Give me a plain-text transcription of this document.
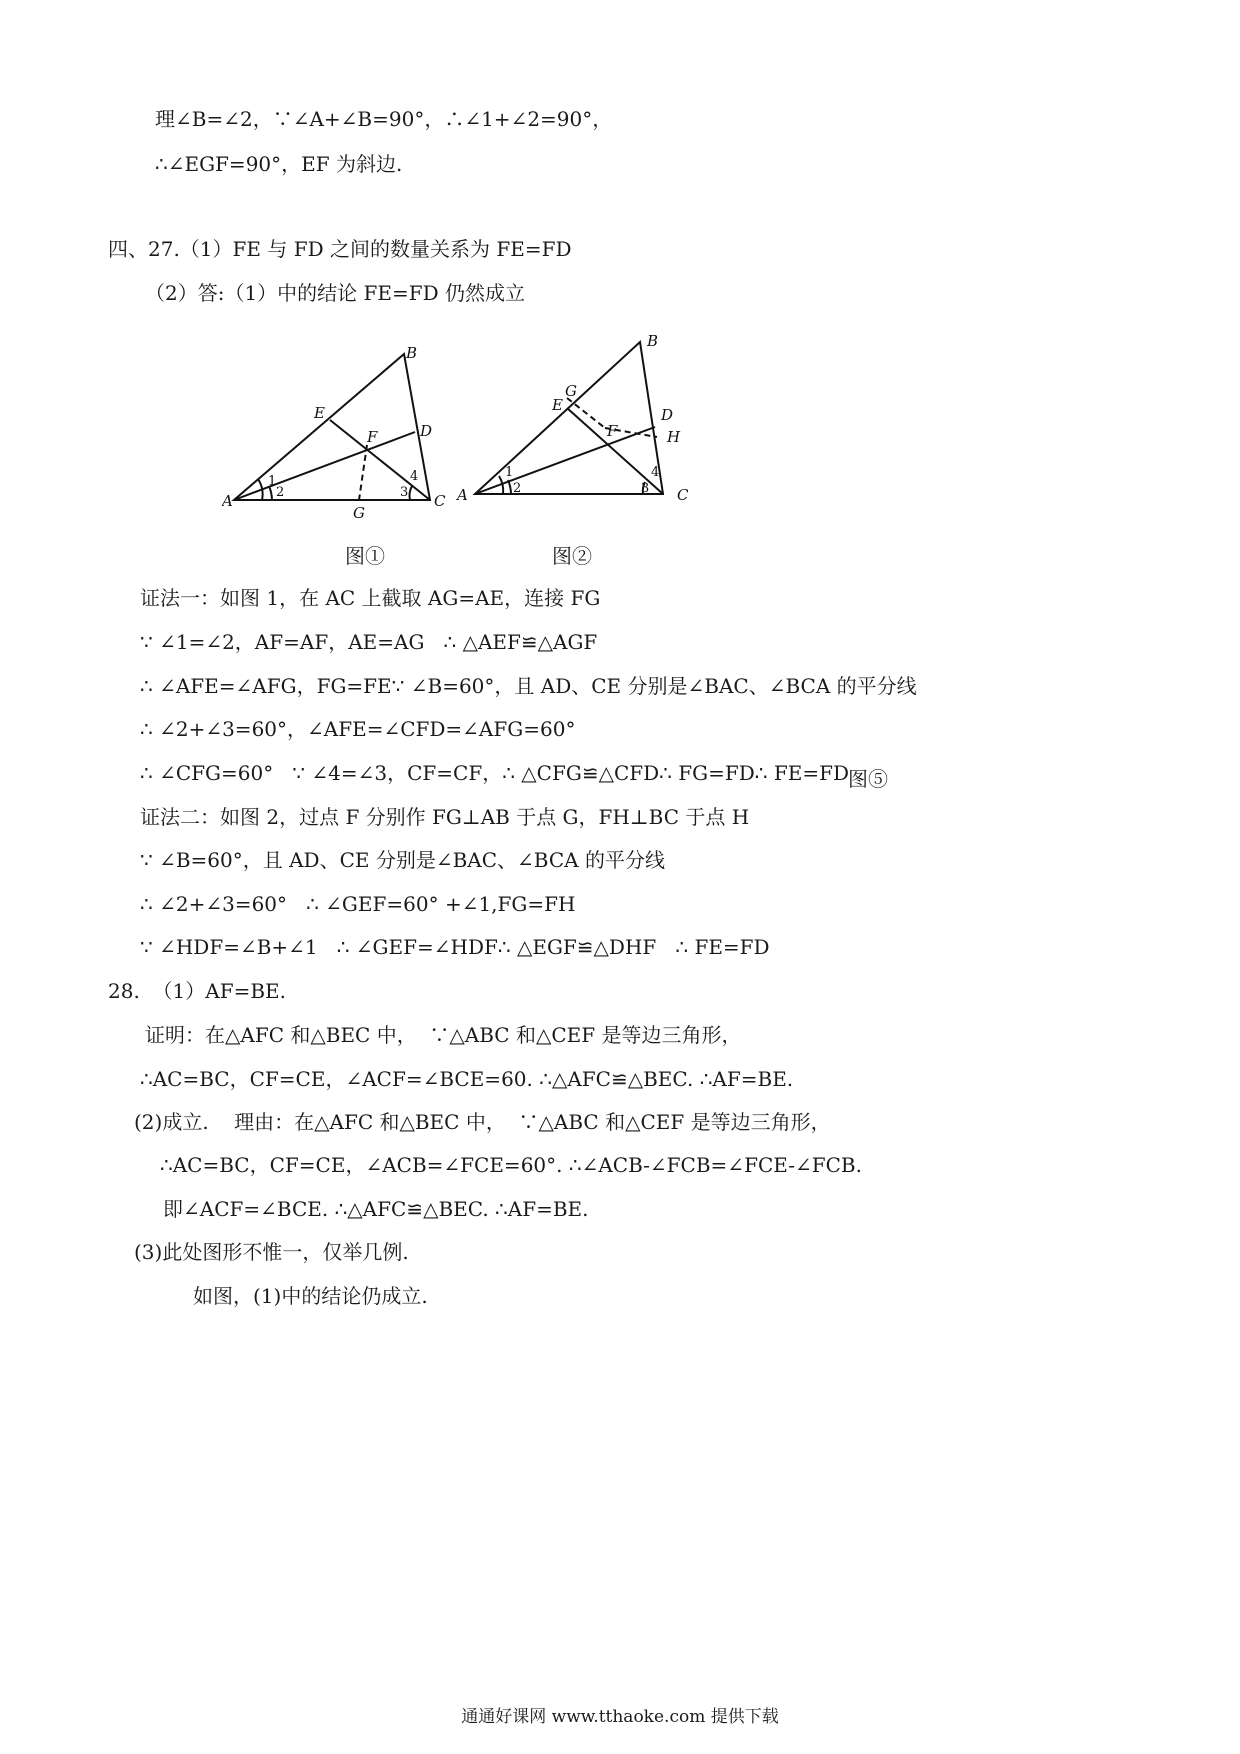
理∠B=∠2，∵∠A+∠B=90°，∴∠1+∠2=90°，
∴∠EGF=90°，EF 为斜边.
四、27.（1）FE 与 FD 之间的数量关系为 FE=FD
（2）答:（1）中的结论 FE=FD 仍然成立
A
B
C
D
E
F
G
1
2	3
4
A
B
C
D
E
F
G
H
1
2	3
4
图①	图②
证法一：如图 1，在 AC 上截取 AG=AE，连接 FG
∵ ∠1=∠2，AF=AF，AE=AG   ∴ △AEF≌△AGF
∴ ∠AFE=∠AFG，FG=FE∵ ∠B=60°，且 AD、CE 分别是∠BAC、∠BCA 的平分线
∴ ∠2+∠3=60°，∠AFE=∠CFD=∠AFG=60°
∴ ∠CFG=60°   ∵ ∠4=∠3，CF=CF，∴ △CFG≌△CFD∴ FG=FD∴ FE=FD
图⑤
证法二：如图 2，过点 F 分别作 FG⊥AB 于点 G，FH⊥BC 于点 H
∵ ∠B=60°，且 AD、CE 分别是∠BAC、∠BCA 的平分线
∴ ∠2+∠3=60°   ∴ ∠GEF=60° +∠1,FG=FH
∵ ∠HDF=∠B+∠1   ∴ ∠GEF=∠HDF∴ △EGF≌△DHF   ∴ FE=FD
28.  （1）AF=BE.
证明：在△AFC 和△BEC 中，  ∵△ABC 和△CEF 是等边三角形，
∴AC=BC，CF=CE，∠ACF=∠BCE=60. ∴△AFC≌△BEC. ∴AF=BE.
(2)成立.    理由：在△AFC 和△BEC 中，  ∵△ABC 和△CEF 是等边三角形，
∴AC=BC，CF=CE，∠ACB=∠FCE=60°. ∴∠ACB-∠FCB=∠FCE-∠FCB.
即∠ACF=∠BCE. ∴△AFC≌△BEC. ∴AF=BE.
(3)此处图形不惟一，仅举几例.
如图，(1)中的结论仍成立.
通通好课网 www.tthaoke.com 提供下载
